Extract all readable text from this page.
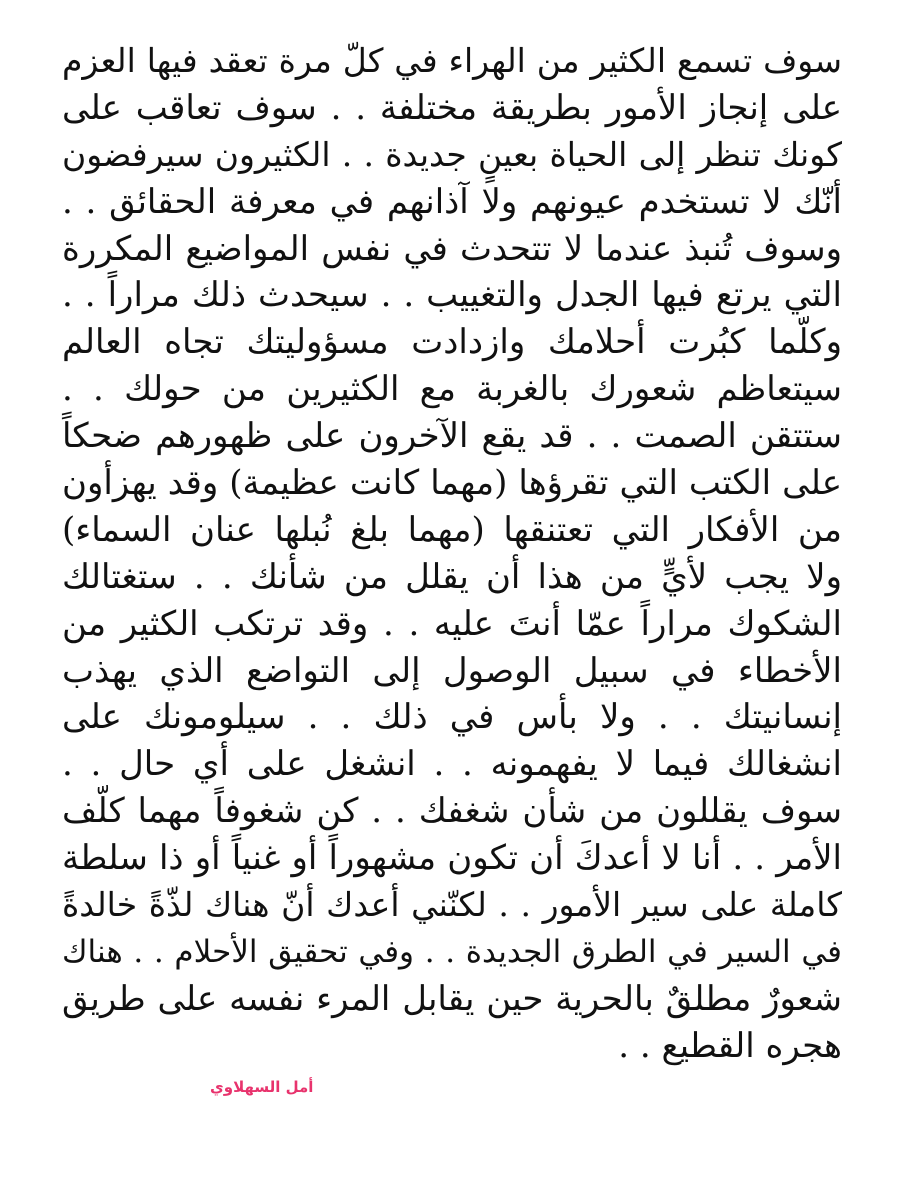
سوف تسمع الكثير من الهراء في كلّ مرة تعقد فيها العزم
على إنجاز الأمور بطريقة مختلفة . . سوف تعاقب على
كونك تنظر إلى الحياة بعينٍ جديدة . . الكثيرون سيرفضون
أنّك لا تستخدم عيونهم ولا آذانهم في معرفة الحقائق . .
وسوف تُنبذ عندما لا تتحدث في نفس المواضيع المكررة
التي يرتع فيها الجدل والتغييب . . سيحدث ذلك مراراً . .
وكلّما كبُرت أحلامك وازدادت مسؤوليتك تجاه العالم
سيتعاظم شعورك بالغربة مع الكثيرين من حولك . .
ستتقن الصمت . . قد يقع الآخرون على ظهورهم ضحكاً
على الكتب التي تقرؤها (مهما كانت عظيمة) وقد يهزأون
من الأفكار التي تعتنقها (مهما بلغ نُبلها عنان السماء)
ولا يجب لأيٍّ من هذا أن يقلل من شأنك . . ستغتالك
الشكوك مراراً عمّا أنتَ عليه . . وقد ترتكب الكثير من
الأخطاء في سبيل الوصول إلى التواضع الذي يهذب
إنسانيتك . . ولا بأس في ذلك . . سيلومونك على
انشغالك فيما لا يفهمونه . . انشغل على أي حال . .
سوف يقللون من شأن شغفك . . كن شغوفاً مهما كلّف
الأمر . . أنا لا أعدكَ أن تكون مشهوراً أو غنياً أو ذا سلطة
كاملة على سير الأمور . . لكنّني أعدك أنّ هناك لذّةً خالدةً
في السير في الطرق الجديدة . . وفي تحقيق الأحلام . . هناك
شعورٌ مطلقٌ بالحرية حين يقابل المرء نفسه على طريق
هجره القطيع . .
أمل السهلاوي
